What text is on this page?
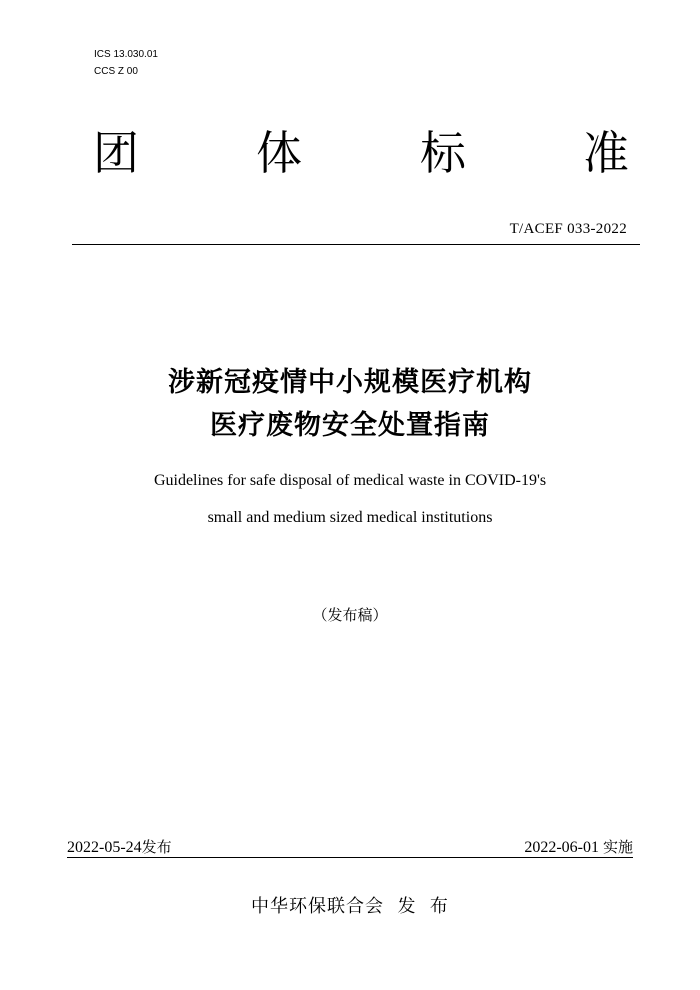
ICS 13.030.01
CCS Z 00
团	体	标	准
T/ACEF 033-2022
涉新冠疫情中小规模医疗机构
医疗废物安全处置指南
Guidelines for safe disposal of medical waste in COVID-19's
small and medium sized medical institutions
（发布稿）
2022-05-24发布	2022-06-01 实施
中华环保联合会  发  布
